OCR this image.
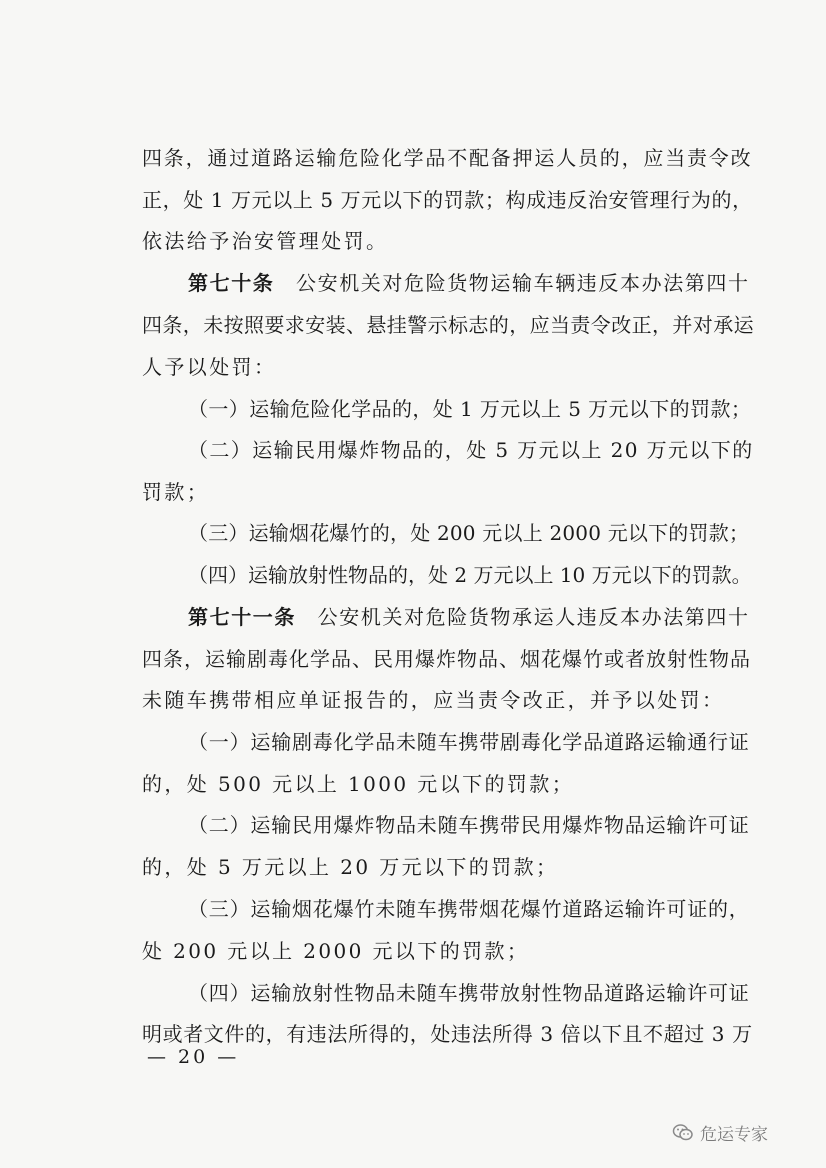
四条，通过道路运输危险化学品不配备押运人员的，应当责令改
正，处 1 万元以上 5 万元以下的罚款；构成违反治安管理行为的，
依法给予治安管理处罚。
第七十条　公安机关对危险货物运输车辆违反本办法第四十
四条，未按照要求安装、悬挂警示标志的，应当责令改正，并对承运
人予以处罚：
（一）运输危险化学品的，处 1 万元以上 5 万元以下的罚款；
（二）运输民用爆炸物品的，处 5 万元以上 20 万元以下的
罚款；
（三）运输烟花爆竹的，处 200 元以上 2000 元以下的罚款；
（四）运输放射性物品的，处 2 万元以上 10 万元以下的罚款。
第七十一条　公安机关对危险货物承运人违反本办法第四十
四条，运输剧毒化学品、民用爆炸物品、烟花爆竹或者放射性物品
未随车携带相应单证报告的，应当责令改正，并予以处罚：
（一）运输剧毒化学品未随车携带剧毒化学品道路运输通行证
的，处 500 元以上 1000 元以下的罚款；
（二）运输民用爆炸物品未随车携带民用爆炸物品运输许可证
的，处 5 万元以上 20 万元以下的罚款；
（三）运输烟花爆竹未随车携带烟花爆竹道路运输许可证的，
处 200 元以上 2000 元以下的罚款；
（四）运输放射性物品未随车携带放射性物品道路运输许可证
明或者文件的，有违法所得的，处违法所得 3 倍以下且不超过 3 万
— 20 —
危运专家
